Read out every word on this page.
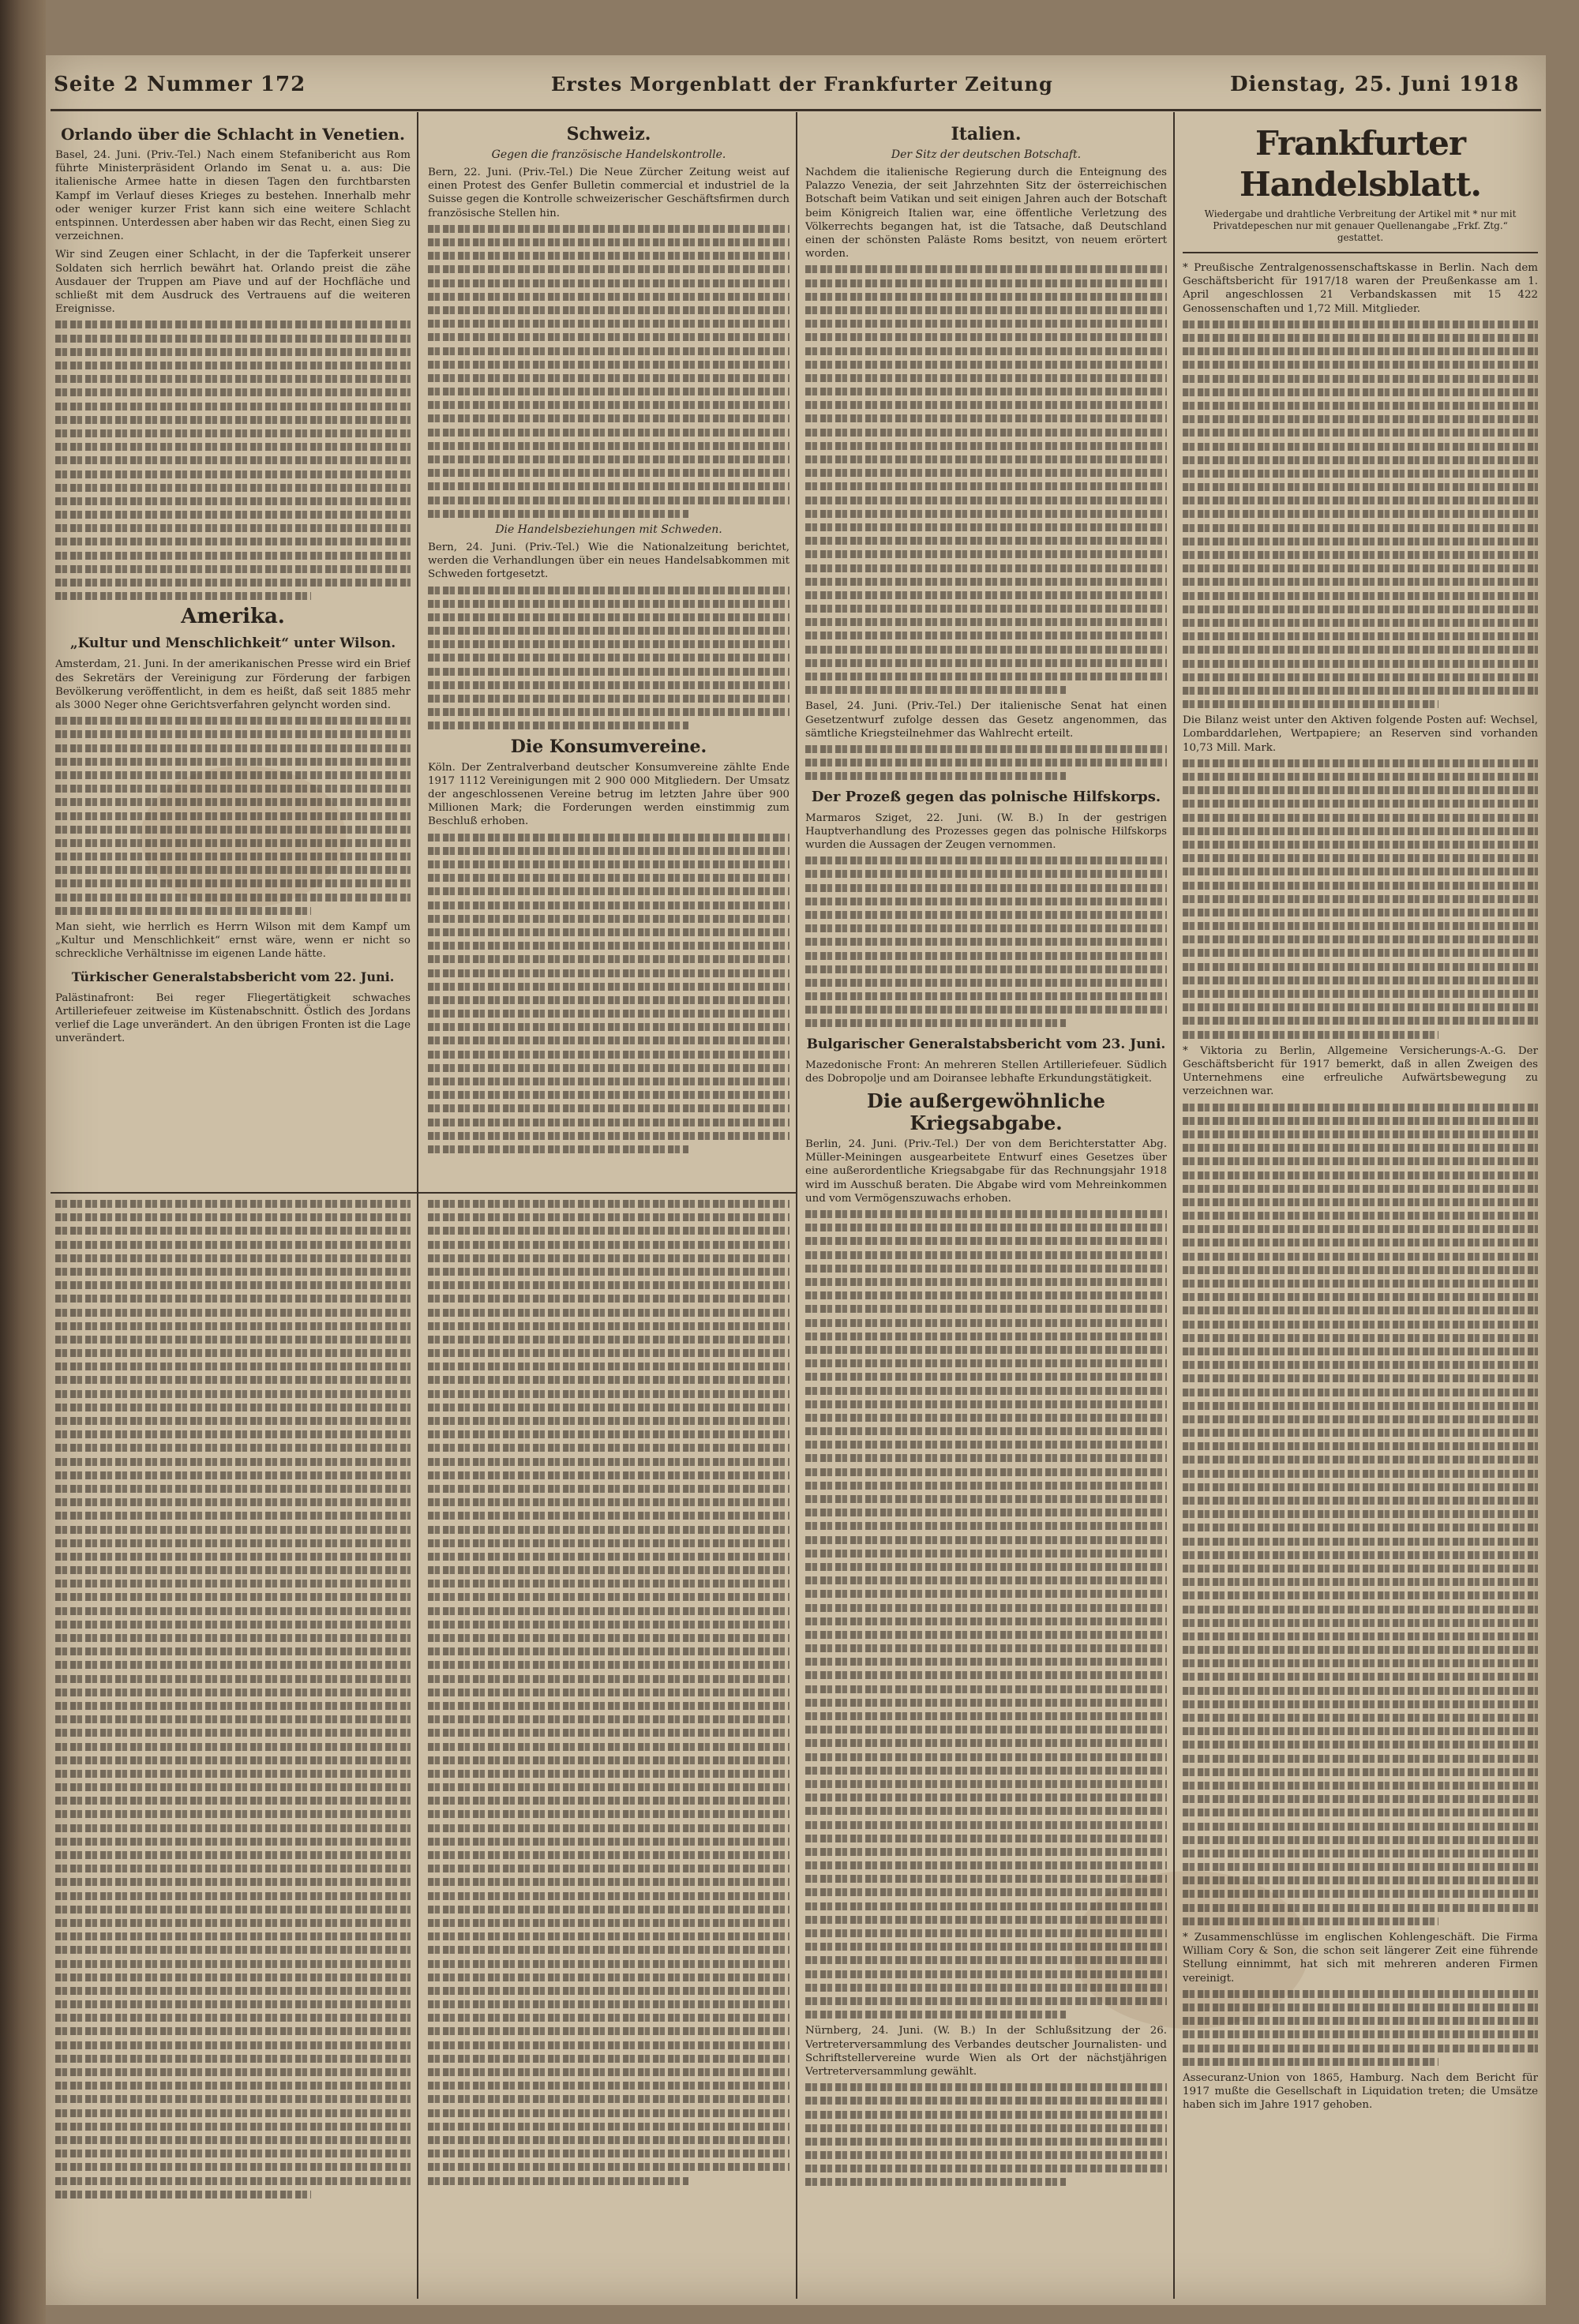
Seite 2 Nummer 172	Erstes Morgenblatt der Frankfurter Zeitung	Dienstag, 25. Juni 1918
Orlando über die Schlacht in Venetien.

Basel, 24. Juni. (Priv.-Tel.) Nach einem Stefanibericht aus Rom führte Ministerpräsident Orlando im Senat u. a. aus: Die italienische Armee hatte in diesen Tagen den furchtbarsten Kampf im Verlauf dieses Krieges zu bestehen. Innerhalb mehr oder weniger kurzer Frist kann sich eine weitere Schlacht entspinnen. Unterdessen aber haben wir das Recht, einen Sieg zu verzeichnen.

Wir sind Zeugen einer Schlacht, in der die Tapferkeit unserer Soldaten sich herrlich bewährt hat. Orlando preist die zähe Ausdauer der Truppen am Piave und auf der Hochfläche und schließt mit dem Ausdruck des Vertrauens auf die weiteren Ereignisse.

Amerika.
„Kultur und Menschlichkeit“ unter Wilson.

Amsterdam, 21. Juni. In der amerikanischen Presse wird ein Brief des Sekretärs der Vereinigung zur Förderung der farbigen Bevölkerung veröffentlicht, in dem es heißt, daß seit 1885 mehr als 3000 Neger ohne Gerichtsverfahren gelyncht worden sind.

Man sieht, wie herrlich es Herrn Wilson mit dem Kampf um „Kultur und Menschlichkeit“ ernst wäre, wenn er nicht so schreckliche Verhältnisse im eigenen Lande hätte.

Türkischer Generalstabsbericht vom 22. Juni.

Palästinafront: Bei reger Fliegertätigkeit schwaches Artilleriefeuer zeitweise im Küstenabschnitt. Östlich des Jordans verlief die Lage unverändert. An den übrigen Fronten ist die Lage unverändert.

Schweiz.
Gegen die französische Handelskontrolle.

Bern, 22. Juni. (Priv.-Tel.) Die Neue Zürcher Zeitung weist auf einen Protest des Genfer Bulletin commercial et industriel de la Suisse gegen die Kontrolle schweizerischer Geschäftsfirmen durch französische Stellen hin.

Die Handelsbeziehungen mit Schweden.

Bern, 24. Juni. (Priv.-Tel.) Wie die Nationalzeitung berichtet, werden die Verhandlungen über ein neues Handelsabkommen mit Schweden fortgesetzt.

Die Konsumvereine.

Köln. Der Zentralverband deutscher Konsumvereine zählte Ende 1917 1112 Vereinigungen mit 2 900 000 Mitgliedern. Der Umsatz der angeschlossenen Vereine betrug im letzten Jahre über 900 Millionen Mark; die Forderungen werden einstimmig zum Beschluß erhoben.

Italien.
Der Sitz der deutschen Botschaft.

Nachdem die italienische Regierung durch die Enteignung des Palazzo Venezia, der seit Jahrzehnten Sitz der österreichischen Botschaft beim Vatikan und seit einigen Jahren auch der Botschaft beim Königreich Italien war, eine öffentliche Verletzung des Völkerrechts begangen hat, ist die Tatsache, daß Deutschland einen der schönsten Paläste Roms besitzt, von neuem erörtert worden.

Basel, 24. Juni. (Priv.-Tel.) Der italienische Senat hat einen Gesetzentwurf zufolge dessen das Gesetz angenommen, das sämtliche Kriegsteilnehmer das Wahlrecht erteilt.

Der Prozeß gegen das polnische Hilfskorps.

Marmaros Sziget, 22. Juni. (W. B.) In der gestrigen Hauptverhandlung des Prozesses gegen das polnische Hilfskorps wurden die Aussagen der Zeugen vernommen.

Bulgarischer Generalstabsbericht vom 23. Juni.

Mazedonische Front: An mehreren Stellen Artilleriefeuer. Südlich des Dobropolje und am Doiransee lebhafte Erkundungstätigkeit.

Die außergewöhnliche Kriegsabgabe.

Berlin, 24. Juni. (Priv.-Tel.) Der von dem Berichterstatter Abg. Müller-Meiningen ausgearbeitete Entwurf eines Gesetzes über eine außerordentliche Kriegsabgabe für das Rechnungsjahr 1918 wird im Ausschuß beraten. Die Abgabe wird vom Mehreinkommen und vom Vermögenszuwachs erhoben.

Nürnberg, 24. Juni. (W. B.) In der Schlußsitzung der 26. Vertreterversammlung des Verbandes deutscher Journalisten- und Schriftstellervereine wurde Wien als Ort der nächstjährigen Vertreterversammlung gewählt.

Frankfurter Handelsblatt.
Wiedergabe und drahtliche Verbreitung der Artikel mit * nur mit Privatdepeschen nur mit genauer Quellenangabe „Frkf. Ztg.“ gestattet.

* Preußische Zentralgenossenschaftskasse in Berlin. Nach dem Geschäftsbericht für 1917/18 waren der Preußenkasse am 1. April angeschlossen 21 Verbandskassen mit 15 422 Genossenschaften und 1,72 Mill. Mitglieder.

Die Bilanz weist unter den Aktiven folgende Posten auf: Wechsel, Lombarddarlehen, Wertpapiere; an Reserven sind vorhanden 10,73 Mill. Mark.

* Viktoria zu Berlin, Allgemeine Versicherungs-A.-G. Der Geschäftsbericht für 1917 bemerkt, daß in allen Zweigen des Unternehmens eine erfreuliche Aufwärtsbewegung zu verzeichnen war.

* Zusammenschlüsse im englischen Kohlengeschäft. Die Firma William Cory & Son, die schon seit längerer Zeit eine führende Stellung einnimmt, hat sich mit mehreren anderen Firmen vereinigt.

Assecuranz-Union von 1865, Hamburg. Nach dem Bericht für 1917 mußte die Gesellschaft in Liquidation treten; die Umsätze haben sich im Jahre 1917 gehoben.
